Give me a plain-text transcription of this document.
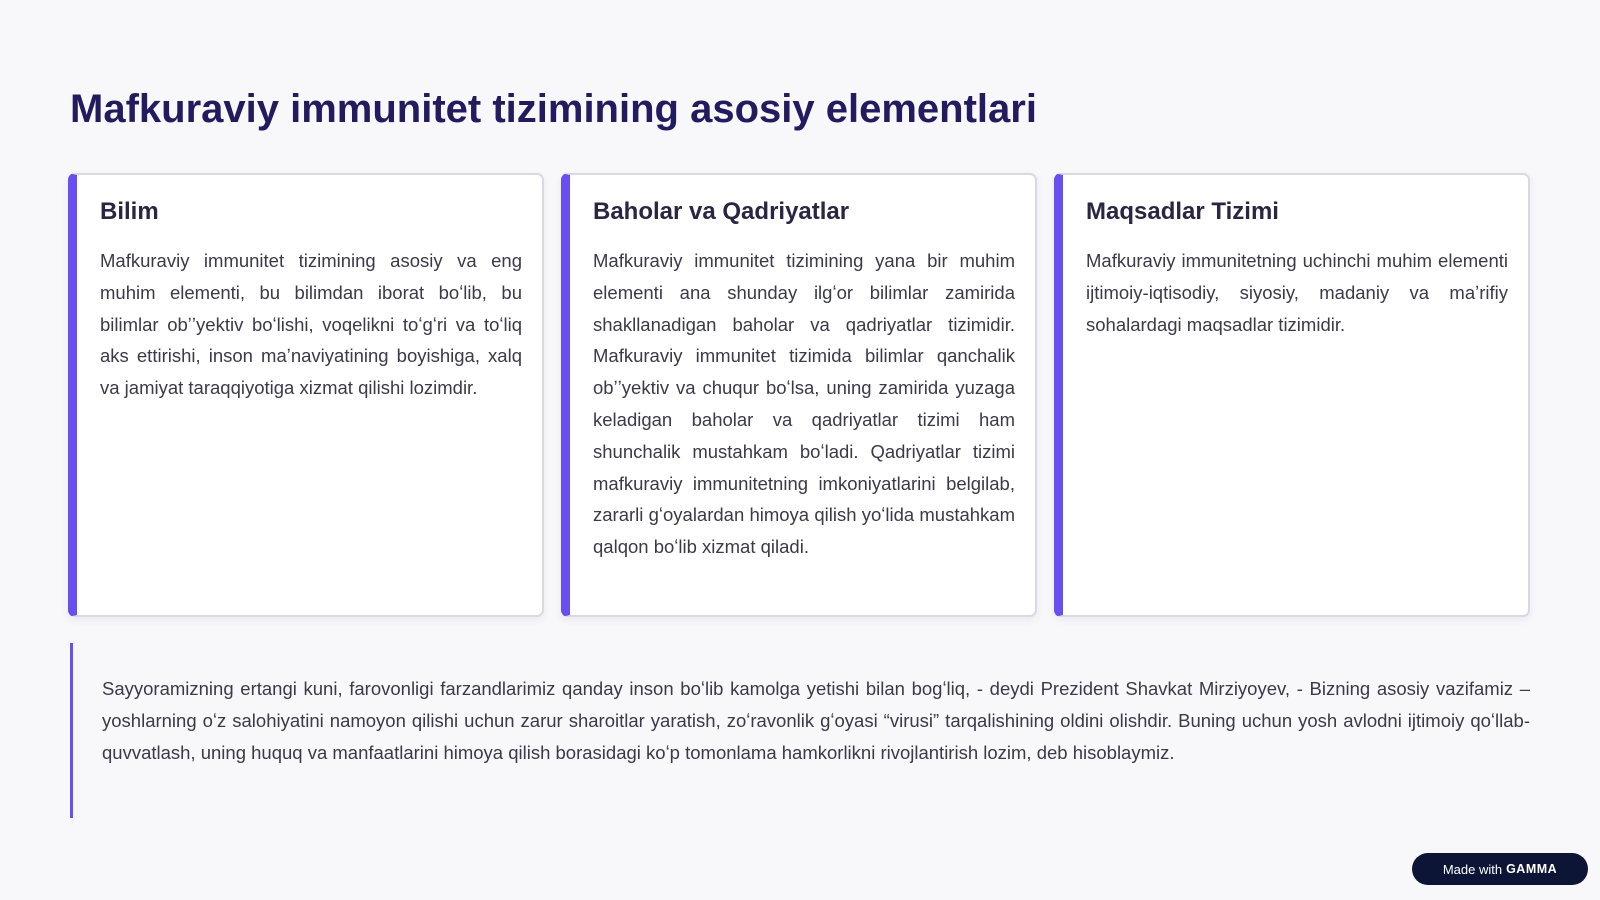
Mafkuraviy immunitet tizimining asosiy elementlari
Bilim

Mafkuraviy immunitet tizimining asosiy va eng muhim elementi, bu bilimdan iborat boʻlib, bu bilimlar obʼʼyektiv boʻlishi, voqelikni toʻgʻri va toʻliq aks ettirishi, inson maʼnaviyatining boyishiga, xalq va jamiyat taraqqiyotiga xizmat qilishi lozimdir.

Baholar va Qadriyatlar

Mafkuraviy immunitet tizimining yana bir muhim elementi ana shunday ilgʻor bilimlar zamirida shakllanadigan baholar va qadriyatlar tizimidir. Mafkuraviy immunitet tizimida bilimlar qanchalik obʼʼyektiv va chuqur boʻlsa, uning zamirida yuzaga keladigan baholar va qadriyatlar tizimi ham shunchalik mustahkam boʻladi. Qadriyatlar tizimi mafkuraviy immunitetning imkoniyatlarini belgilab, zararli gʻoyalardan himoya qilish yoʻlida mustahkam qalqon boʻlib xizmat qiladi.

Maqsadlar Tizimi

Mafkuraviy immunitetning uchinchi muhim elementi ijtimoiy-iqtisodiy, siyosiy, madaniy va maʼrifiy sohalardagi maqsadlar tizimidir.

Sayyoramizning ertangi kuni, farovonligi farzandlarimiz qanday inson boʻlib kamolga yetishi bilan bogʻliq, - deydi Prezident Shavkat Mirziyoyev, - Bizning asosiy vazifamiz – yoshlarning oʻz salohiyatini namoyon qilishi uchun zarur sharoitlar yaratish, zoʻravonlik gʻoyasi “virusi” tarqalishining oldini olishdir. Buning uchun yosh avlodni ijtimoiy qoʻllab-quvvatlash, uning huquq va manfaatlarini himoya qilish borasidagi koʻp tomonlama hamkorlikni rivojlantirish lozim, deb hisoblaymiz.

Made with GAMMA
